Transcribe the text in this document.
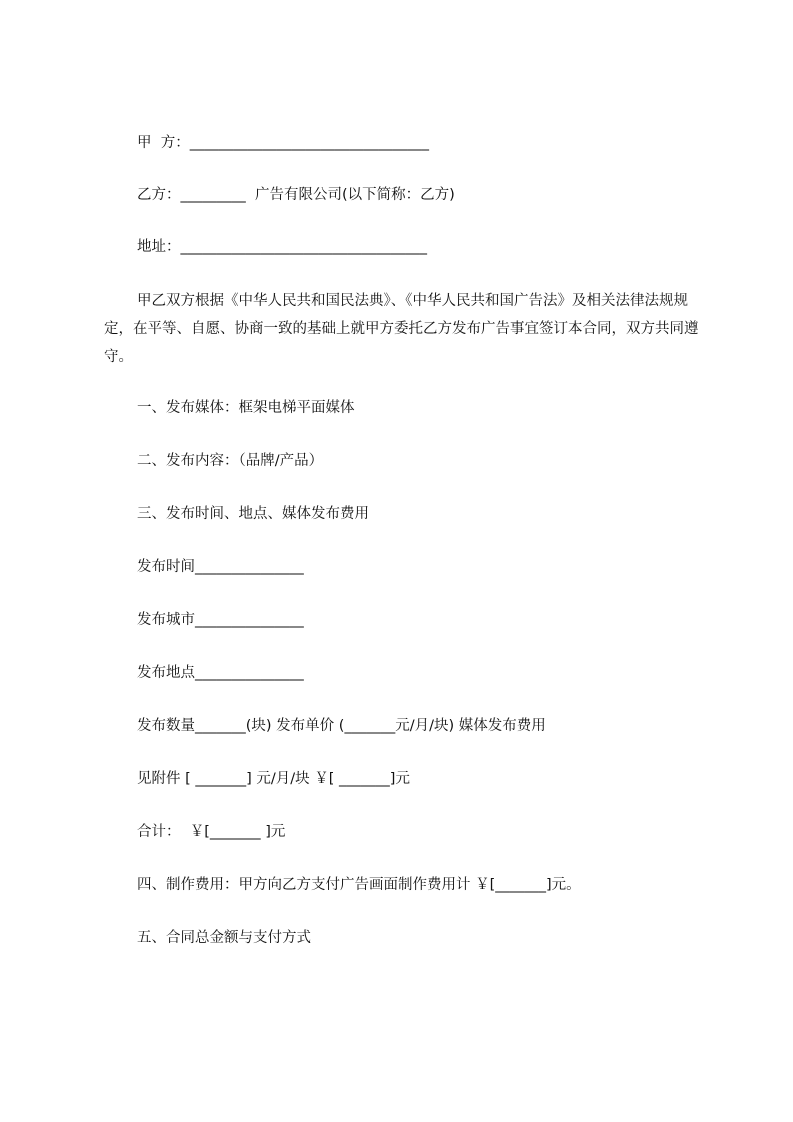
甲  方：_________________________________
乙方：_________  广告有限公司(以下简称：乙方)
地址：__________________________________
甲乙双方根据《中华人民共和国民法典》、《中华人民共和国广告法》及相关法律法规规定，在平等、自愿、协商一致的基础上就甲方委托乙方发布广告事宜签订本合同，双方共同遵守。
一、发布媒体：框架电梯平面媒体
二、发布内容：（品牌/产品）
三、发布时间、地点、媒体发布费用
发布时间_______________
发布城市_______________
发布地点_______________
发布数量_______(块) 发布单价 (_______元/月/块) 媒体发布费用
见附件 [ _______] 元/月/块 ￥[ _______]元
合计：  ￥[_______ ]元
四、制作费用：甲方向乙方支付广告画面制作费用计 ￥[_______]元。
五、合同总金额与支付方式
